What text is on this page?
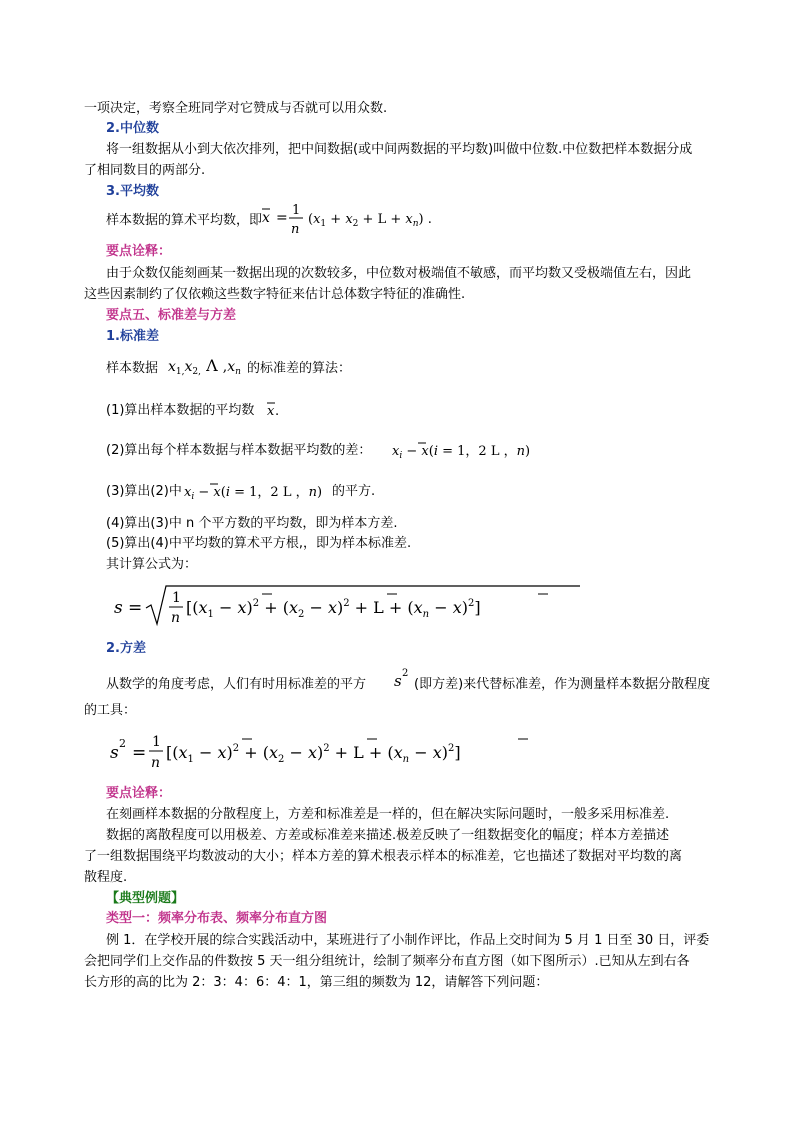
一项决定，考察全班同学对它赞成与否就可以用众数.
2.中位数
将一组数据从小到大依次排列，把中间数据(或中间两数据的平均数)叫做中位数.中位数把样本数据分成
了相同数目的两部分.
3.平均数
样本数据的算术平均数，即 x = 1
n
$(x_1 + x_2 + L + x_n)$ .
要点诠释：
由于众数仅能刻画某一数据出现的次数较多，中位数对极端值不敏感，而平均数又受极端值左右，因此
这些因素制约了仅依赖这些数字特征来估计总体数字特征的准确性.
要点五、标准差与方差
1.标准差
样本数据 $x_{1,}x_{2,}$ Λ $,x_n$ 的标准差的算法：
(1)算出样本数据的平均数 x .
(2)算出每个样本数据与样本数据平均数的差： $x_i - x(i = 1$，2 L ，n)
(3)算出(2)中 $x_i - x(i = 1$，2 L ，n) 的平方.
(4)算出(3)中 n 个平方数的平均数，即为样本方差.
(5)算出(4)中平均数的算术平方根,，即为样本标准差.
其计算公式为：
s = 1
n
$[(x_1 - x)^2 + (x_2 - x)^2 + L + (x_n - x)^2]$
2.方差
从数学的角度考虑，人们有时用标准差的平方 s 2
(即方差)来代替标准差，作为测量样本数据分散程度
的工具：
s 2 =
1
n
$[(x_1 - x)^2 + (x_2 - x)^2 + L + (x_n - x)^2]$
要点诠释：
在刻画样本数据的分散程度上，方差和标准差是一样的，但在解决实际问题时，一般多采用标准差.
数据的离散程度可以用极差、方差或标准差来描述.极差反映了一组数据变化的幅度；样本方差描述
了一组数据围绕平均数波动的大小；样本方差的算术根表示样本的标准差，它也描述了数据对平均数的离
散程度.
【典型例题】
类型一：频率分布表、频率分布直方图
例 1．在学校开展的综合实践活动中，某班进行了小制作评比，作品上交时间为 5 月 1 日至 30 日，评委
会把同学们上交作品的件数按 5 天一组分组统计，绘制了频率分布直方图（如下图所示）.已知从左到右各
长方形的高的比为 2：3：4：6：4：1，第三组的频数为 12，请解答下列问题：
